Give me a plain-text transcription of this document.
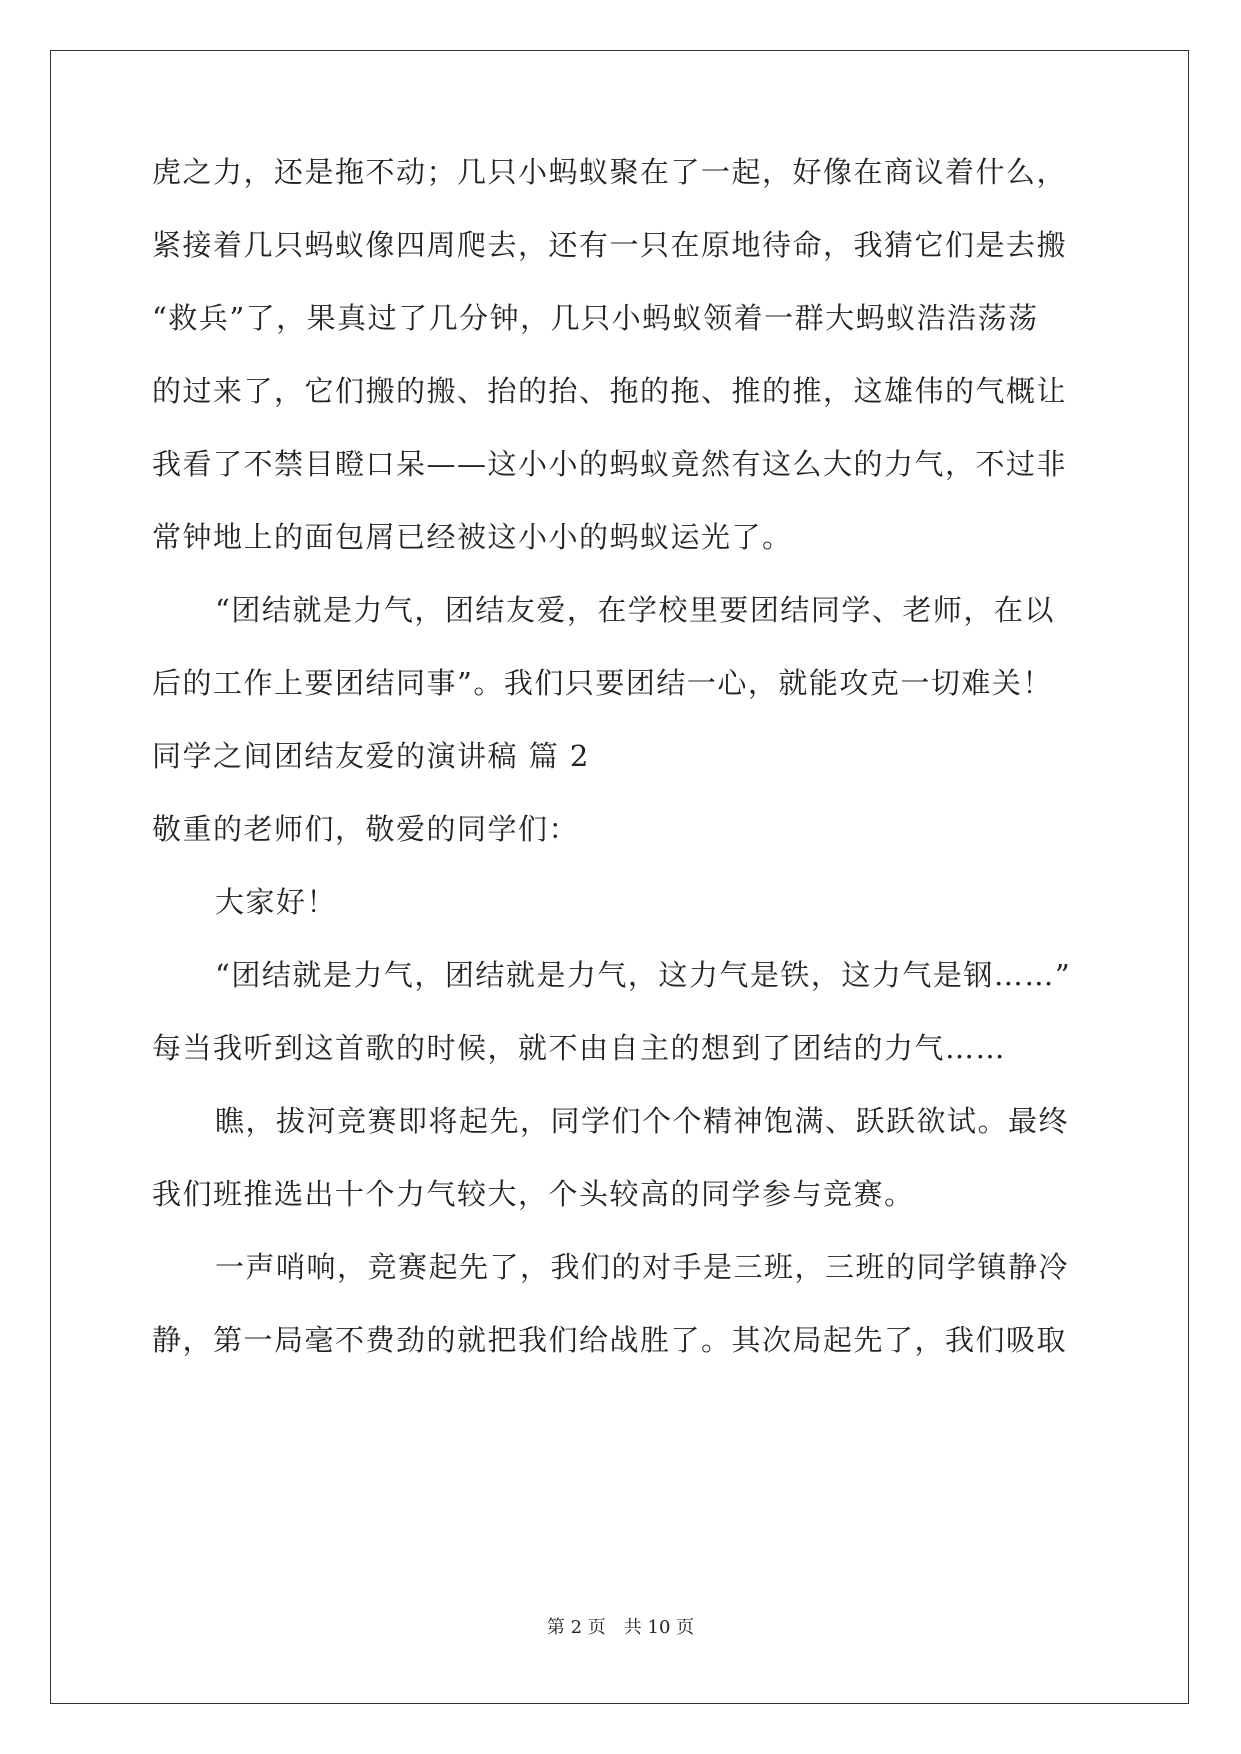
虎之力，还是拖不动；几只小蚂蚁聚在了一起，好像在商议着什么，
紧接着几只蚂蚁像四周爬去，还有一只在原地待命，我猜它们是去搬
“救兵”了，果真过了几分钟，几只小蚂蚁领着一群大蚂蚁浩浩荡荡
的过来了，它们搬的搬、抬的抬、拖的拖、推的推，这雄伟的气概让
我看了不禁目瞪口呆——这小小的蚂蚁竟然有这么大的力气，不过非
常钟地上的面包屑已经被这小小的蚂蚁运光了。
“团结就是力气，团结友爱，在学校里要团结同学、老师，在以
后的工作上要团结同事”。我们只要团结一心，就能攻克一切难关！
同学之间团结友爱的演讲稿 篇 2
敬重的老师们，敬爱的同学们：
大家好！
“团结就是力气，团结就是力气，这力气是铁，这力气是钢……”
每当我听到这首歌的时候，就不由自主的想到了团结的力气……
瞧，拔河竞赛即将起先，同学们个个精神饱满、跃跃欲试。最终
我们班推选出十个力气较大，个头较高的同学参与竞赛。
一声哨响，竞赛起先了，我们的对手是三班，三班的同学镇静冷
静，第一局毫不费劲的就把我们给战胜了。其次局起先了，我们吸取
第 2 页 共 10 页
